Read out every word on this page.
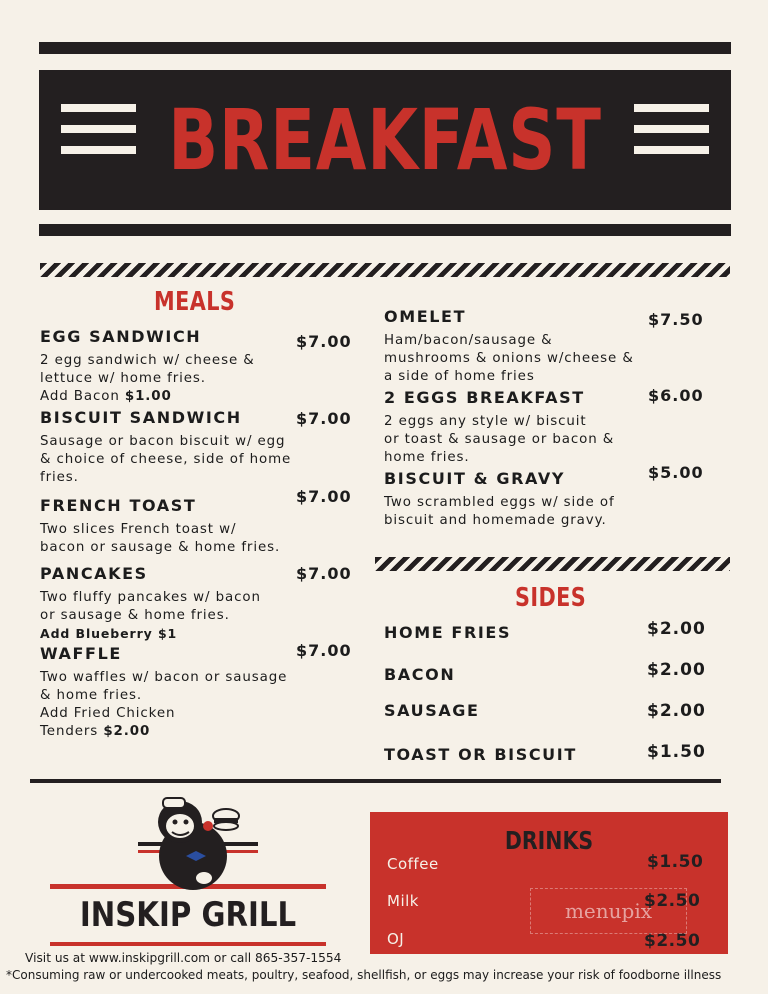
BREAKFAST
MEALS
EGG SANDWICH	$7.00
2 egg sandwich w/ cheese &
lettuce w/ home fries.
Add Bacon $1.00
BISCUIT SANDWICH	$7.00
Sausage or bacon biscuit w/ egg
& choice of cheese, side of home
fries.
FRENCH TOAST	$7.00
Two slices French toast w/
bacon or sausage & home fries.
PANCAKES	$7.00
Two fluffy pancakes w/ bacon
or sausage & home fries.
Add Blueberry $1
WAFFLE	$7.00
Two waffles w/ bacon or sausage
& home fries.
Add Fried Chicken
Tenders $2.00
OMELET	$7.50
Ham/bacon/sausage &
mushrooms & onions w/cheese &
a side of home fries
2 EGGS BREAKFAST	$6.00
2 eggs any style w/ biscuit
or toast & sausage or bacon &
home fries.
BISCUIT & GRAVY	$5.00
Two scrambled eggs w/ side of
biscuit and homemade gravy.
SIDES
HOME FRIES	$2.00
BACON	$2.00
SAUSAGE	$2.00
TOAST OR BISCUIT	$1.50
INSKIP GRILL
DRINKS
Coffee	$1.50
Milk	$2.50
OJ	$2.50
menupix
Visit us at www.inskipgrill.com or call 865-357-1554
*Consuming raw or undercooked meats, poultry, seafood, shellfish, or eggs may increase your risk of foodborne illness
